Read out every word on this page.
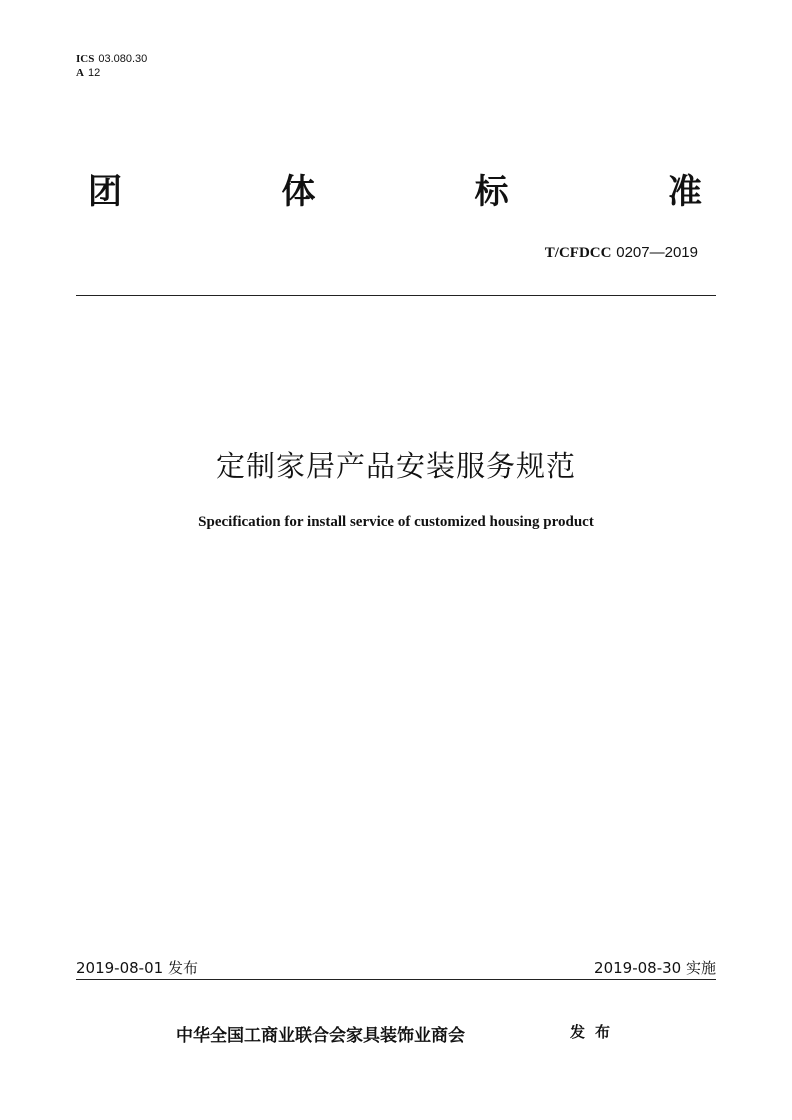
ICS 03.080.30
A 12
团	体	标	准
T/CFDCC 0207—2019
定制家居产品安装服务规范
Specification for install service of customized housing product
2019-08-01 发布	2019-08-30 实施
中华全国工商业联合会家具装饰业商会	发布
